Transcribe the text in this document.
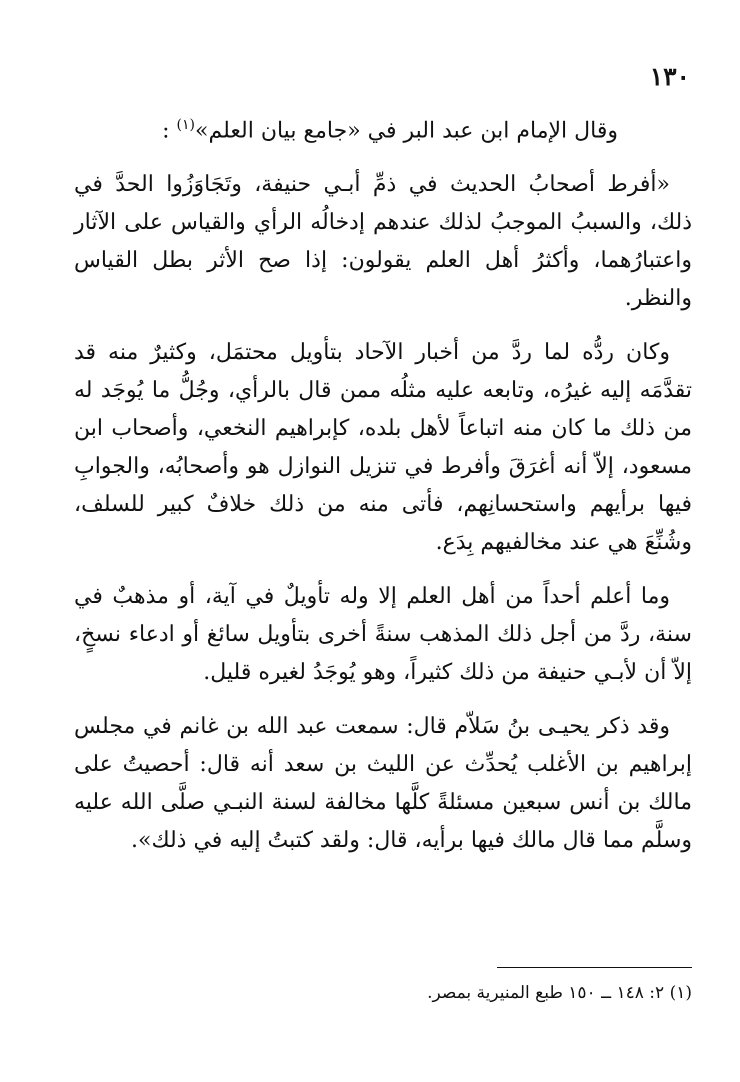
١٣٠

وقال الإمام ابن عبد البر في «جامع بيان العلم»$^{(١)}$ :

«أفرط أصحابُ الحديث في ذمِّ أبـي حنيفة، وتَجَاوَزُوا الحدَّ في ذلك، والسببُ الموجبُ لذلك عندهم إدخالُه الرأي والقياس على الآثار واعتبارُهما، وأكثرُ أهل العلم يقولون: إذا صح الأثر بطل القياس والنظر.

وكان ردُّه لما ردَّ من أخبار الآحاد بتأويل محتمَل، وكثيرٌ منه قد تقدَّمَه إليه غيرُه، وتابعه عليه مثلُه ممن قال بالرأي، وجُلُّ ما يُوجَد له من ذلك ما كان منه اتباعاً لأهل بلده، كإبراهيم النخعي، وأصحاب ابن مسعود، إلاّ أنه أغرَقَ وأفرط في تنزيل النوازل هو وأصحابُه، والجوابِ فيها برأيهم واستحسانِهم، فأتى منه من ذلك خلافٌ كبير للسلف، وشُنِّعَ هي عند مخالفيهم بِدَع.

وما أعلم أحداً من أهل العلم إلا وله تأويلٌ في آية، أو مذهبٌ في سنة، ردَّ من أجل ذلك المذهب سنةً أخرى بتأويل سائغ أو ادعاء نسخٍ، إلاّ أن لأبـي حنيفة من ذلك كثيراً، وهو يُوجَدُ لغيره قليل.

وقد ذكر يحيـى بنُ سَلاّم قال: سمعت عبد الله بن غانم في مجلس إبراهيم بن الأغلب يُحدِّث عن الليث بن سعد أنه قال: أحصيتُ على مالك بن أنس سبعين مسئلةً كلَّها مخالفة لسنة النبـي صلَّى الله عليه وسلَّم مما قال مالك فيها برأيه، قال: ولقد كتبتُ إليه في ذلك».

(١) ٢: ١٤٨ ــ ١٥٠ طبع المنيرية بمصر.
